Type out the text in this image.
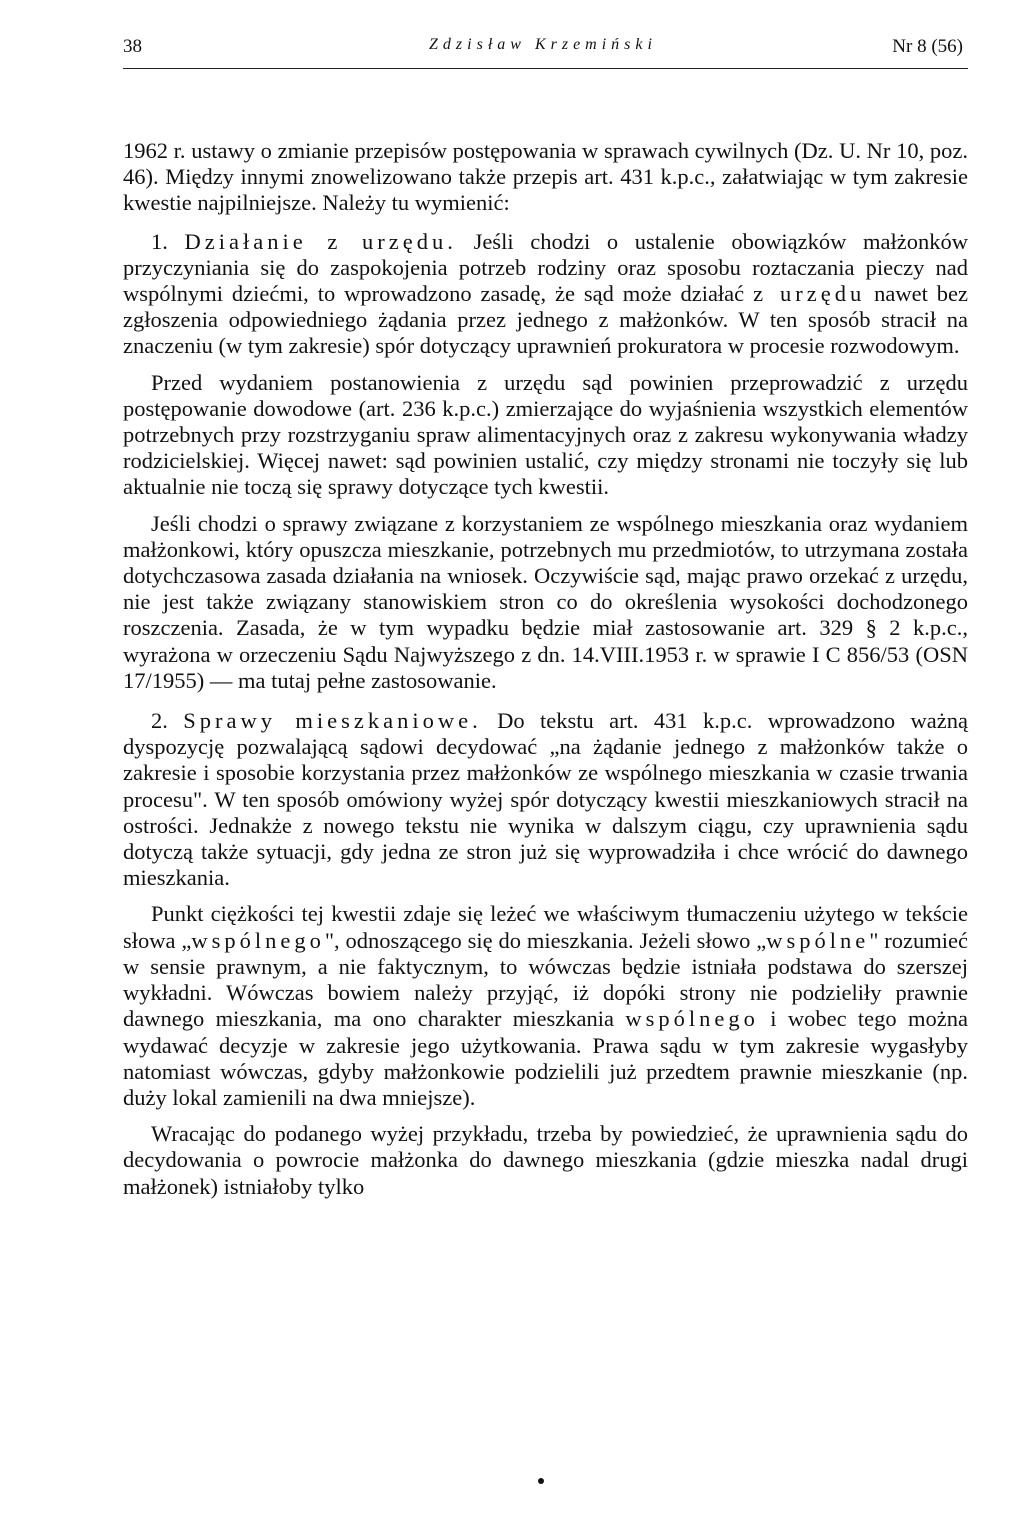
38	Zdzisław Krzemiński	Nr 8 (56)

1962 r. ustawy o zmianie przepisów postępowania w sprawach cywilnych (Dz. U. Nr 10, poz. 46). Między innymi znowelizowano także przepis art. 431 k.p.c., załatwiając w tym zakresie kwestie najpilniejsze. Należy tu wymienić:

1. Działanie z urzędu. Jeśli chodzi o ustalenie obowiązków małżonków przyczyniania się do zaspokojenia potrzeb rodziny oraz sposobu roztaczania pieczy nad wspólnymi dziećmi, to wprowadzono zasadę, że sąd może działać z urzędu nawet bez zgłoszenia odpowiedniego żądania przez jednego z małżonków. W ten sposób stracił na znaczeniu (w tym zakresie) spór dotyczący uprawnień prokuratora w procesie rozwodowym.

Przed wydaniem postanowienia z urzędu sąd powinien przeprowadzić z urzędu postępowanie dowodowe (art. 236 k.p.c.) zmierzające do wyjaśnienia wszystkich elementów potrzebnych przy rozstrzyganiu spraw alimentacyjnych oraz z zakresu wykonywania władzy rodzicielskiej. Więcej nawet: sąd powinien ustalić, czy między stronami nie toczyły się lub aktualnie nie toczą się sprawy dotyczące tych kwestii.

Jeśli chodzi o sprawy związane z korzystaniem ze wspólnego mieszkania oraz wydaniem małżonkowi, który opuszcza mieszkanie, potrzebnych mu przedmiotów, to utrzymana została dotychczasowa zasada działania na wniosek. Oczywiście sąd, mając prawo orzekać z urzędu, nie jest także związany stanowiskiem stron co do określenia wysokości dochodzonego roszczenia. Zasada, że w tym wypadku będzie miał zastosowanie art. 329 § 2 k.p.c., wyrażona w orzeczeniu Sądu Najwyższego z dn. 14.VIII.1953 r. w sprawie I C 856/53 (OSN 17/1955) — ma tutaj pełne zastosowanie.

2. Sprawy mieszkaniowe. Do tekstu art. 431 k.p.c. wprowadzono ważną dyspozycję pozwalającą sądowi decydować „na żądanie jednego z małżonków także o zakresie i sposobie korzystania przez małżonków ze wspólnego mieszkania w czasie trwania procesu". W ten sposób omówiony wyżej spór dotyczący kwestii mieszkaniowych stracił na ostrości. Jednakże z nowego tekstu nie wynika w dalszym ciągu, czy uprawnienia sądu dotyczą także sytuacji, gdy jedna ze stron już się wyprowadziła i chce wrócić do dawnego mieszkania.

Punkt ciężkości tej kwestii zdaje się leżeć we właściwym tłumaczeniu użytego w tekście słowa „wspólnego", odnoszącego się do mieszkania. Jeżeli słowo „wspólne" rozumieć w sensie prawnym, a nie faktycznym, to wówczas będzie istniała podstawa do szerszej wykładni. Wówczas bowiem należy przyjąć, iż dopóki strony nie podzieliły prawnie dawnego mieszkania, ma ono charakter mieszkania wspólnego i wobec tego można wydawać decyzje w zakresie jego użytkowania. Prawa sądu w tym zakresie wygasłyby natomiast wówczas, gdyby małżonkowie podzielili już przedtem prawnie mieszkanie (np. duży lokal zamienili na dwa mniejsze).

Wracając do podanego wyżej przykładu, trzeba by powiedzieć, że uprawnienia sądu do decydowania o powrocie małżonka do dawnego mieszkania (gdzie mieszka nadal drugi małżonek) istniałoby tylko
